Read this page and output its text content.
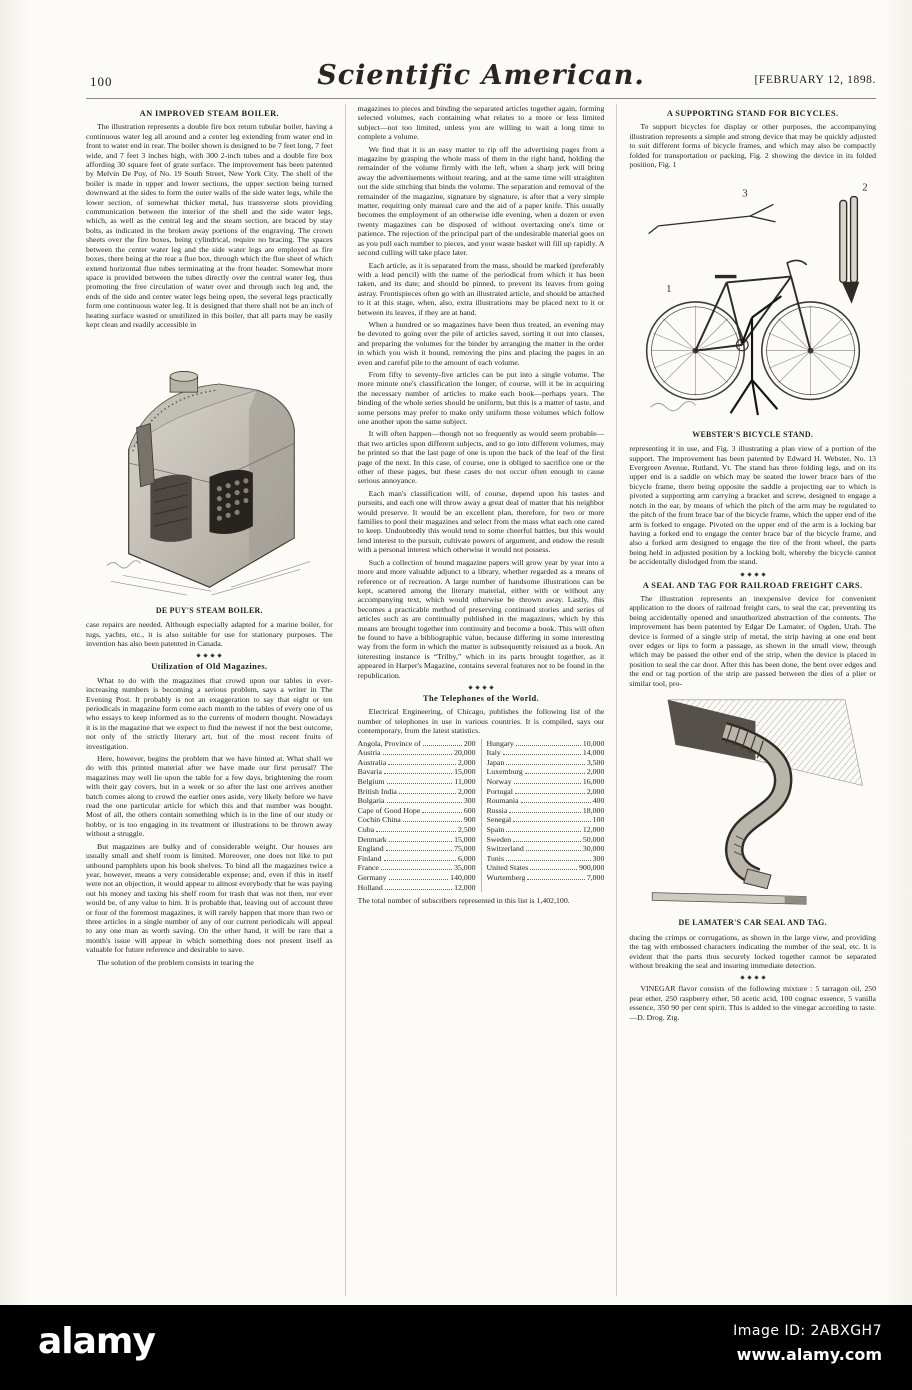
100	Scientific American.	[FEBRUARY 12, 1898.
AN IMPROVED STEAM BOILER.

The illustration represents a double fire box return tubular boiler, having a continuous water leg all around and a center leg extending from water end in front to water end in rear. The boiler shown is designed to be 7 feet long, 7 feet wide, and 7 feet 3 inches high, with 300 2-inch tubes and a double fire box affording 30 square feet of grate surface. The improvement has been patented by Melvin De Puy, of No. 19 South Street, New York City. The shell of the boiler is made in upper and lower sections, the upper section being turned downward at the sides to form the outer walls of the side water legs, while the lower section, of somewhat thicker metal, has transverse slots providing communication between the interior of the shell and the side water legs, which, as well as the central leg and the steam section, are braced by stay bolts, as indicated in the broken away portions of the engraving. The crown sheets over the fire boxes, being cylindrical, require no bracing. The spaces between the center water leg and the side water legs are employed as fire boxes, there being at the rear a flue box, through which the flue sheet of which extend horizontal flue tubes terminating at the front header. Somewhat more space is provided between the tubes directly over the central water leg, thus promoting the free circulation of water over and through such leg and, the ends of the side and center water legs being open, the several legs practically form one continuous water leg. It is designed that there shall not be an inch of heating surface wasted or unutilized in this boiler, that all parts may be easily kept clean and readily accessible in

DE PUY'S STEAM BOILER.

case repairs are needed. Although especially adapted for a marine boiler, for tugs, yachts, etc., it is also suitable for use for stationary purposes. The invention has also been patented in Canada.

Utilization of Old Magazines.

What to do with the magazines that crowd upon our tables in ever-increasing numbers is becoming a serious problem, says a writer in The Evening Post. It probably is not an exaggeration to say that eight or ten periodicals in magazine form come each month to the tables of every one of us who essays to keep informed as to the currents of modern thought. Nowadays it is in the magazine that we expect to find the newest if not the best outcome, not only of the strictly literary art, but of the most recent fruits of investigation.

Here, however, begins the problem that we have hinted at. What shall we do with this printed material after we have made our first perusal? The magazines may well lie upon the table for a few days, brightening the room with their gay covers, but in a week or so after the last one arrives another batch comes along to crowd the earlier ones aside, very likely before we have read the one particular article for which this and that number was bought. Most of all, the others contain something which is in the line of our study or hobby, or is too engaging in its treatment or illustrations to be thrown away without a struggle.

But magazines are bulky and of considerable weight. Our houses are usually small and shelf room is limited. Moreover, one does not like to put unbound pamphlets upon his book shelves. To bind all the magazines twice a year, however, means a very considerable expense; and, even if this in itself were not an objection, it would appear to almost everybody that he was paying out his money and taxing his shelf room for trash that was not then, nor ever would be, of any value to him. It is probable that, leaving out of account three or four of the foremost magazines, it will rarely happen that more than two or three articles in a single number of any of our current periodicals will appeal to any one man as worth saving. On the other hand, it will be rare that a month's issue will appear in which something does not present itself as valuable for future reference and desirable to save.

The solution of the problem consists in tearing the

magazines to pieces and binding the separated articles together again, forming selected volumes, each containing what relates to a more or less limited subject—not too limited, unless you are willing to wait a long time to complete a volume.

We find that it is an easy matter to rip off the advertising pages from a magazine by grasping the whole mass of them in the right hand, holding the remainder of the volume firmly with the left, when a sharp jerk will bring away the advertisements without tearing, and at the same time will straighten out the side stitching that binds the volume. The separation and removal of the remainder of the magazine, signature by signature, is after that a very simple matter, requiring only manual care and the aid of a paper knife. This usually becomes the employment of an otherwise idle evening, when a dozen or even twenty magazines can be disposed of without overtaxing one's time or patience. The rejection of the principal part of the undesirable material goes on as you pull each number to pieces, and your waste basket will fill up rapidly. A second culling will take place later.

Each article, as it is separated from the mass, should be marked (preferably with a lead pencil) with the name of the periodical from which it has been taken, and its date; and should be pinned, to prevent its leaves from going astray. Frontispieces often go with an illustrated article, and should be attached to it at this stage, when, also, extra illustrations may be placed next to it or between its leaves, if they are at hand.

When a hundred or so magazines have been thus treated, an evening may be devoted to going over the pile of articles saved, sorting it out into classes, and preparing the volumes for the binder by arranging the matter in the order in which you wish it bound, removing the pins and placing the pages in an even and careful pile to the amount of each volume.

From fifty to seventy-five articles can be put into a single volume. The more minute one's classification the longer, of course, will it be in acquiring the necessary number of articles to make each book—perhaps years. The binding of the whole series should be uniform, but this is a matter of taste, and some persons may prefer to make only uniform those volumes which follow one another upon the same subject.

It will often happen—though not so frequently as would seem probable—that two articles upon different subjects, and to go into different volumes, may be printed so that the last page of one is upon the back of the leaf of the first page of the next. In this case, of course, one is obliged to sacrifice one or the other of these pages, but these cases do not occur often enough to cause serious annoyance.

Each man's classification will, of course, depend upon his tastes and pursuits, and each one will throw away a great deal of matter that his neighbor would preserve. It would be an excellent plan, therefore, for two or more families to pool their magazines and select from the mass what each one cared to keep. Undoubtedly this would tend to some cheerful battles, but this would lend interest to the pursuit, cultivate powers of argument, and endow the result with a personal interest which otherwise it would not possess.

Such a collection of bound magazine papers will grow year by year into a more and more valuable adjunct to a library, whether regarded as a means of reference or of recreation. A large number of handsome illustrations can be kept, scattered among the literary material, either with or without any accompanying text, which would otherwise be thrown away. Lastly, this becomes a practicable method of preserving continued stories and series of articles such as are continually published in the magazines, which by this means are brought together into continuity and become a book. This will often be found to have a bibliographic value, because differing in some interesting way from the form in which the matter is subsequently reissued as a book. An interesting instance is “Trilby,” which in its parts brought together, as it appeared in Harper's Magazine, contains several features not to be found in the republication.

The Telephones of the World.

Electrical Engineering, of Chicago, publishes the following list of the number of telephones in use in various countries. It is compiled, says our contemporary, from the latest statistics.

Angola, Province of	200
Austria	20,000
Australia	2,000
Bavaria	15,000
Belgium	11,000
British India	2,000
Bulgaria	300
Cape of Good Hope	600
Cochin China	900
Cuba	2,500
Denmark	15,000
England	75,000
Finland	6,000
France	35,000
Germany	140,000
Holland	12,000
Hungary	10,000
Italy	14,000
Japan	3,500
Luxemburg	2,000
Norway	16,000
Portugal	2,000
Roumania	400
Russia	18,000
Senegal	100
Spain	12,000
Sweden	50,000
Switzerland	30,000
Tunis	300
United States	900,000
Wurtemberg	7,000

The total number of subscribers represented in this list is 1,402,100.

A SUPPORTING STAND FOR BICYCLES.

To support bicycles for display or other purposes, the accompanying illustration represents a simple and strong device that may be quickly adjusted to suit different forms of bicycle frames, and which may also be compactly folded for transportation or packing, Fig. 2 showing the device in its folded position, Fig. 1

3	2
1
WEBSTER'S BICYCLE STAND.

representing it in use, and Fig. 3 illustrating a plan view of a portion of the support. The improvement has been patented by Edward H. Webster, No. 13 Evergreen Avenue, Rutland, Vt. The stand has three folding legs, and on its upper end is a saddle on which may be seated the lower brace bars of the bicycle frame, there being opposite the saddle a projecting ear to which is pivoted a supporting arm carrying a bracket and screw, designed to engage a notch in the ear, by means of which the pitch of the arm may be regulated to the pitch of the front brace bar of the bicycle frame, which the upper end of the arm is forked to engage. Pivoted on the upper end of the arm is a locking bar having a forked end to engage the center brace bar of the bicycle frame, and also a forked arm designed to engage the tire of the front wheel, the parts being held in adjusted position by a locking bolt, whereby the bicycle cannot be accidentally dislodged from the stand.

A SEAL AND TAG FOR RAILROAD FREIGHT CARS.

The illustration represents an inexpensive device for convenient application to the doors of railroad freight cars, to seal the car, preventing its being accidentally opened and unauthorized abstraction of the contents. The improvement has been patented by Edgar De Lamater, of Ogden, Utah. The device is formed of a single strip of metal, the strip having at one end bent over edges or lips to form a passage, as shown in the small view, through which may be passed the other end of the strip, when the device is placed in position to seal the car door. After this has been done, the bent over edges and the end or tag portion of the strip are passed between the dies of a plier or similar tool, pro-

DE LAMATER'S CAR SEAL AND TAG.

ducing the crimps or corrugations, as shown in the large view, and providing the tag with embossed characters indicating the number of the seal, etc. It is evident that the parts thus securely locked together cannot be separated without breaking the seal and insuring immediate detection.

VINEGAR flavor consists of the following mixture : 5 tarragon oil, 250 pear ether, 250 raspberry ether, 50 acetic acid, 100 cognac essence, 5 vanilla essence, 350 90 per cent spirit. This is added to the vinegar according to taste.—D. Drog. Ztg.

alamy	Image ID: 2ABXGH7
www.alamy.com
